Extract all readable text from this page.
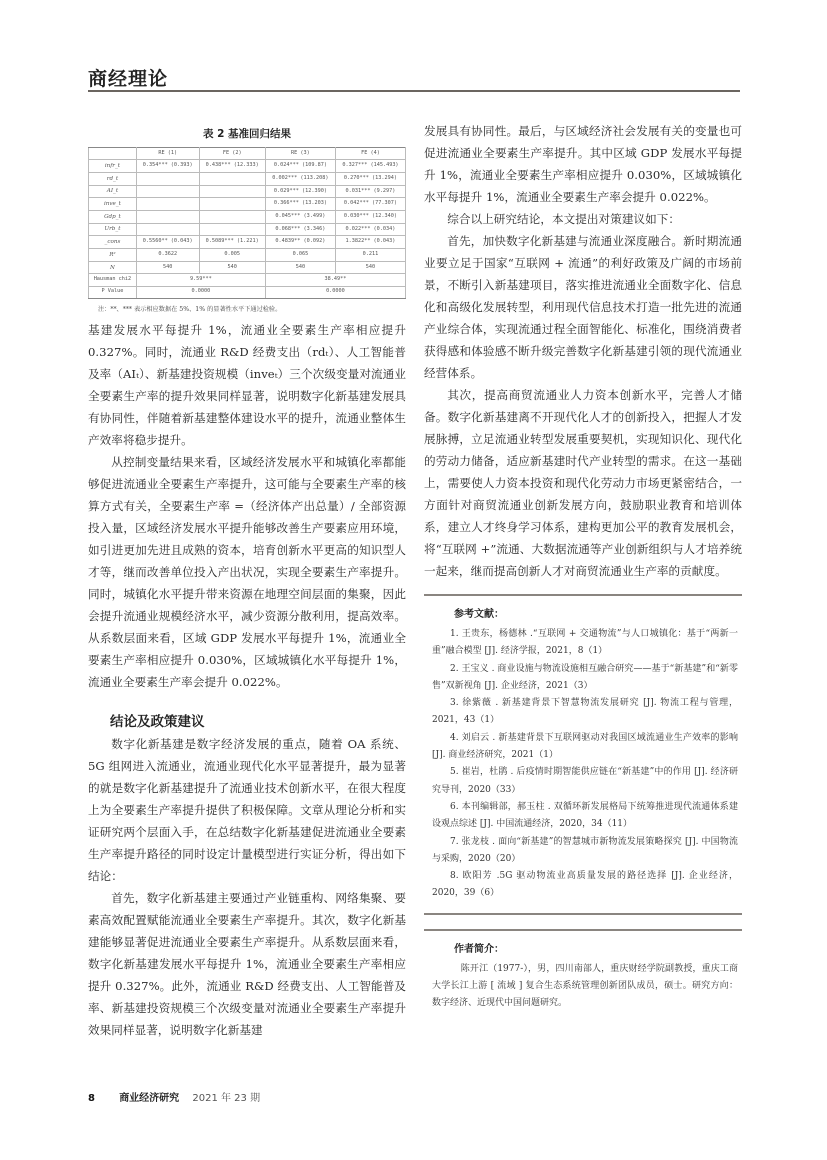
商经理论
表 2 基准回归结果
	RE (1)	FE (2)	RE (3)	FE (4)
infr_t	0.354*** (0.393)	0.438*** (12.333)	0.024*** (109.87)	0.327*** (145.493)
rd_t			0.002*** (113.208)	0.270*** (13.294)
AI_t			0.029*** (12.390)	0.031*** (9.297)
inve_t			0.366*** (13.203)	0.042*** (77.307)
Gdp_t			0.045*** (3.499)	0.030*** (12.340)
Urb_t			0.068*** (3.346)	0.022*** (0.034)
_cons	0.5560** (0.043)	0.5089*** (1.221)	0.4839** (0.092)	1.3822** (0.043)
R²	0.3622	0.005	0.065	0.211
N	540	540	540	540
Hausman chi2	9.59***		38.49**	
P Value	0.0000		0.0000	
注：**、*** 表示相应数据在 5%、1% 的显著性水平下通过检验。

基建发展水平每提升 1%，流通业全要素生产率相应提升 0.327%。同时，流通业 R&D 经费支出（rdₜ）、人工智能普及率（AIₜ）、新基建投资规模（inveₜ）三个次级变量对流通业全要素生产率的提升效果同样显著，说明数字化新基建发展具有协同性，伴随着新基建整体建设水平的提升，流通业整体生产效率将稳步提升。

从控制变量结果来看，区域经济发展水平和城镇化率都能够促进流通业全要素生产率提升，这可能与全要素生产率的核算方式有关，全要素生产率 =（经济体产出总量）/ 全部资源投入量，区域经济发展水平提升能够改善生产要素应用环境，如引进更加先进且成熟的资本，培育创新水平更高的知识型人才等，继而改善单位投入产出状况，实现全要素生产率提升。同时，城镇化水平提升带来资源在地理空间层面的集聚，因此会提升流通业规模经济水平，减少资源分散利用，提高效率。从系数层面来看，区域 GDP 发展水平每提升 1%，流通业全要素生产率相应提升 0.030%，区域城镇化水平每提升 1%，流通业全要素生产率会提升 0.022%。

结论及政策建议

数字化新基建是数字经济发展的重点，随着 OA 系统、5G 组网进入流通业，流通业现代化水平显著提升，最为显著的就是数字化新基建提升了流通业技术创新水平，在很大程度上为全要素生产率提升提供了积极保障。文章从理论分析和实证研究两个层面入手，在总结数字化新基建促进流通业全要素生产率提升路径的同时设定计量模型进行实证分析，得出如下结论：

首先，数字化新基建主要通过产业链重构、网络集聚、要素高效配置赋能流通业全要素生产率提升。其次，数字化新基建能够显著促进流通业全要素生产率提升。从系数层面来看，数字化新基建发展水平每提升 1%，流通业全要素生产率相应提升 0.327%。此外，流通业 R&D 经费支出、人工智能普及率、新基建投资规模三个次级变量对流通业全要素生产率提升效果同样显著，说明数字化新基建

发展具有协同性。最后，与区域经济社会发展有关的变量也可促进流通业全要素生产率提升。其中区域 GDP 发展水平每提升 1%，流通业全要素生产率相应提升 0.030%，区域城镇化水平每提升 1%，流通业全要素生产率会提升 0.022%。

综合以上研究结论，本文提出对策建议如下：

首先，加快数字化新基建与流通业深度融合。新时期流通业要立足于国家“互联网 + 流通”的利好政策及广阔的市场前景，不断引入新基建项目，落实推进流通业全面数字化、信息化和高级化发展转型，利用现代信息技术打造一批先进的流通产业综合体，实现流通过程全面智能化、标准化，围绕消费者获得感和体验感不断升级完善数字化新基建引领的现代流通业经营体系。

其次，提高商贸流通业人力资本创新水平，完善人才储备。数字化新基建离不开现代化人才的创新投入，把握人才发展脉搏，立足流通业转型发展重要契机，实现知识化、现代化的劳动力储备，适应新基建时代产业转型的需求。在这一基础上，需要使人力资本投资和现代化劳动力市场更紧密结合，一方面针对商贸流通业创新发展方向，鼓励职业教育和培训体系，建立人才终身学习体系，建构更加公平的教育发展机会，将“互联网 +”流通、大数据流通等产业创新组织与人才培养统一起来，继而提高创新人才对商贸流通业生产率的贡献度。

参考文献：
1. 王贵东，杨德林 .“互联网 + 交通物流”与人口城镇化：基于“两新一重”融合模型 [J]. 经济学报，2021，8（1）
2. 王宝义 . 商业设施与物流设施相互融合研究——基于“新基建”和“新零售”双新视角 [J]. 企业经济，2021（3）
3. 徐紫薇 . 新基建背景下智慧物流发展研究 [J]. 物流工程与管理，2021，43（1）
4. 刘启云 . 新基建背景下互联网驱动对我国区域流通业生产效率的影响 [J]. 商业经济研究，2021（1）
5. 崔岩，杜鹃 . 后疫情时期智能供应链在“新基建”中的作用 [J]. 经济研究导刊，2020（33）
6. 本刊编辑部，郝玉柱 . 双循环新发展格局下统筹推进现代流通体系建设观点综述 [J]. 中国流通经济，2020，34（11）
7. 张龙枝 . 面向“新基建”的智慧城市新物流发展策略探究 [J]. 中国物流与采购，2020（20）
8. 欧阳芳 .5G 驱动物流业高质量发展的路径选择 [J]. 企业经济，2020，39（6）
作者简介：
陈开江（1977-），男，四川南部人，重庆财经学院副教授，重庆工商大学长江上游 [ 流域 ] 复合生态系统管理创新团队成员，硕士。研究方向：数字经济、近现代中国问题研究。
8 商业经济研究 2021 年 23 期
